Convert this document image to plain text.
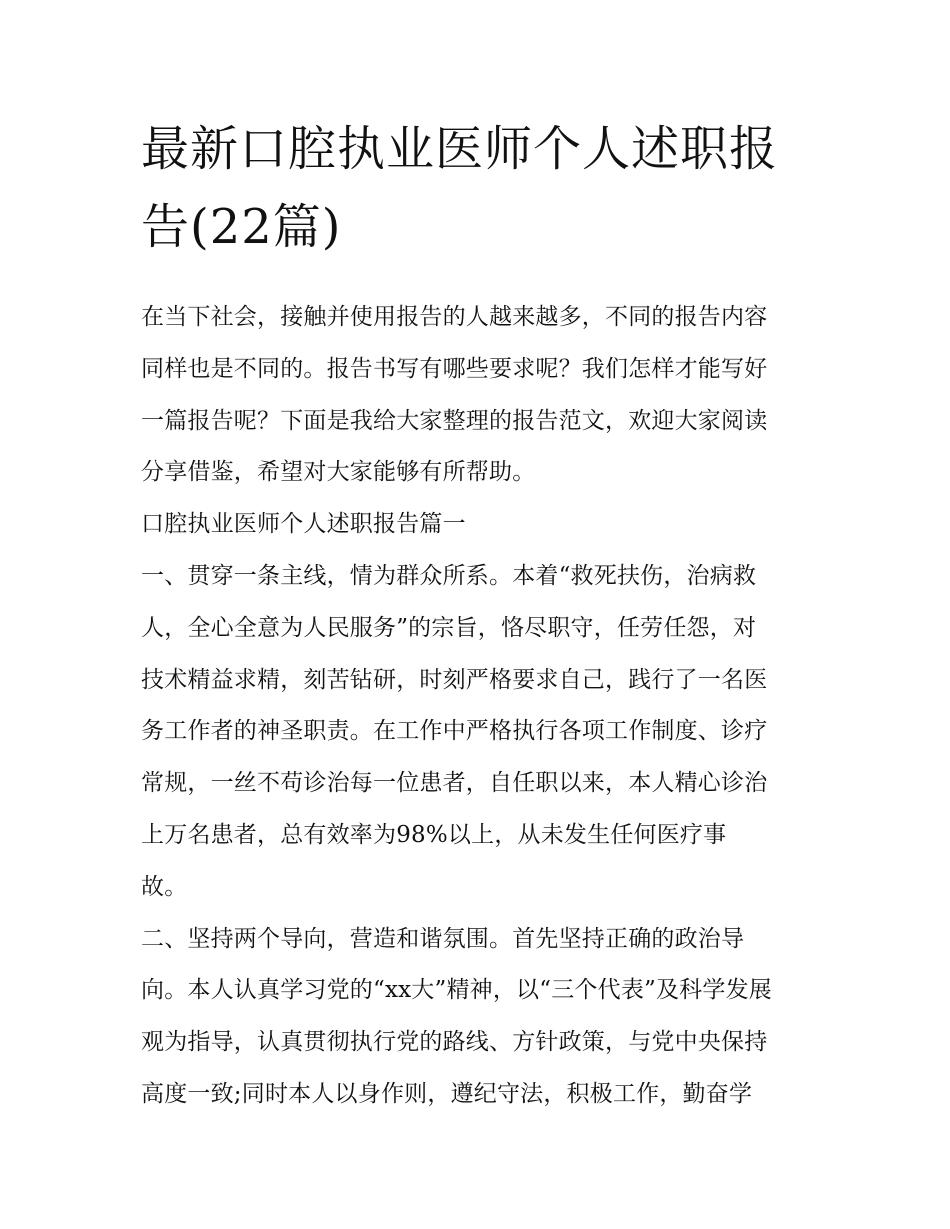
最新口腔执业医师个人述职报
告(22篇)

在当下社会，接触并使用报告的人越来越多，不同的报告内容
同样也是不同的。报告书写有哪些要求呢？我们怎样才能写好
一篇报告呢？下面是我给大家整理的报告范文，欢迎大家阅读
分享借鉴，希望对大家能够有所帮助。

口腔执业医师个人述职报告篇一

一、贯穿一条主线，情为群众所系。本着“救死扶伤，治病救
人，全心全意为人民服务”的宗旨，恪尽职守，任劳任怨，对
技术精益求精，刻苦钻研，时刻严格要求自己，践行了一名医
务工作者的神圣职责。在工作中严格执行各项工作制度、诊疗
常规，一丝不苟诊治每一位患者，自任职以来，本人精心诊治
上万名患者，总有效率为98%以上，从未发生任何医疗事
故。

二、坚持两个导向，营造和谐氛围。首先坚持正确的政治导
向。本人认真学习党的“xx大”精神，以“三个代表”及科学发展
观为指导，认真贯彻执行党的路线、方针政策，与党中央保持
高度一致;同时本人以身作则，遵纪守法，积极工作，勤奋学
